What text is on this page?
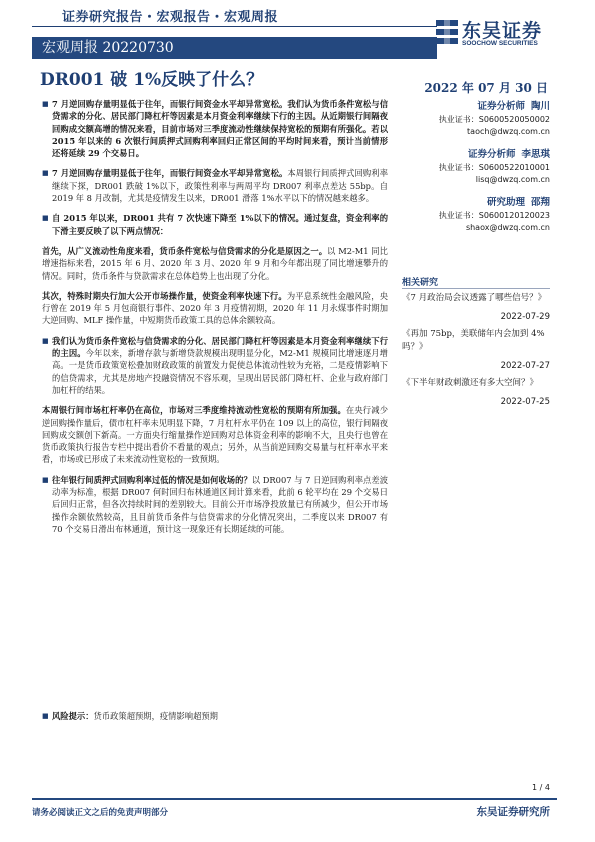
证券研究报告・宏观报告・宏观周报
宏观周报 20220730
东吴证券
SOOCHOW SECURITIES
DR001 破 1%反映了什么？	2022 年 07 月 30 日

■ 7 月逆回购存量明显低于往年，而银行间资金水平却异常宽松。我们认为货币条件宽松与信贷需求的分化、居民部门降杠杆等因素是本月资金利率继续下行的主因。从近期银行间隔夜回购成交额高增的情况来看，目前市场对三季度流动性继续保持宽松的预期有所强化。若以 2015 年以来的 6 次银行间质押式回购利率回归正常区间的平均时间来看，预计当前情形还将延续 29 个交易日。

■ 7 月逆回购存量明显低于往年，而银行间资金水平却异常宽松。本周银行间质押式回购利率继续下探，DR001 跌破 1%以下，政策性利率与两周平均 DR007 利率点差达 55bp。自 2019 年 8 月改制，尤其是疫情发生以来，DR001 滑落 1%水平以下的情况越来越多。

■ 自 2015 年以来，DR001 共有 7 次快速下降至 1%以下的情况。通过复盘，资金利率的下滑主要反映了以下两点情况：

首先，从广义流动性角度来看，货币条件宽松与信贷需求的分化是原因之一。以 M2-M1 同比增速指标来看，2015 年 6 月、2020 年 3 月、2020 年 9 月和今年都出现了同比增速攀升的情况。同时，货币条件与贷款需求在总体趋势上也出现了分化。

其次，特殊时期央行加大公开市场操作量，使资金利率快速下行。为平息系统性金融风险，央行曾在 2019 年 5 月包商银行事件、2020 年 3 月疫情初期，2020 年 11 月永煤事件时期加大逆回购、MLF 操作量，中短期货币政策工具的总体余额较高。

■ 我们认为货币条件宽松与信贷需求的分化、居民部门降杠杆等因素是本月资金利率继续下行的主因。今年以来，新增存款与新增贷款规模出现明显分化，M2-M1 规模同比增速逐月增高。一是货币政策宽松叠加财政政策的前置发力促使总体流动性较为充裕，二是疫情影响下的信贷需求，尤其是房地产投融资情况不容乐观，呈现出居民部门降杠杆、企业与政府部门加杠杆的结果。

本周银行间市场杠杆率仍在高位，市场对三季度维持流动性宽松的预期有所加强。在央行减少逆回购操作量后，债市杠杆率未见明显下降，7 月杠杆水平仍在 109 以上的高位，银行间隔夜回购成交额创下新高。一方面央行缩量操作逆回购对总体资金利率的影响不大，且央行也曾在货币政策执行报告专栏中提出看价不看量的观点；另外，从当前逆回购交易量与杠杆率水平来看，市场或已形成了未来流动性宽松的一致预期。

■ 往年银行间质押式回购利率过低的情况是如何收场的？以 DR007 与 7 日逆回购利率点差波动率为标准，根据 DR007 何时回归布林通道区间计算来看，此前 6 轮平均在 29 个交易日后回归正常，但各次持续时间的差别较大。目前公开市场净投放量已有所减少，但公开市场操作余额依然较高，且目前货币条件与信贷需求的分化情况突出，二季度以来 DR007 有 70 个交易日滑出布林通道，预计这一现象还有长期延续的可能。

证券分析师 陶川
执业证书：S0600520050002
taoch@dwzq.com.cn
证券分析师 李思琪
执业证书：S0600522010001
lisq@dwzq.com.cn
研究助理 邵翔
执业证书：S0600120120023
shaox@dwzq.com.cn
相关研究
《7 月政治局会议透露了哪些信号？》
2022-07-29
《再加 75bp，美联储年内会加到 4%吗？》
2022-07-27
《下半年财政刺激还有多大空间？》
2022-07-25
■ 风险提示：货币政策超预期，疫情影响超预期
1 / 4
请务必阅读正文之后的免责声明部分	东吴证券研究所
